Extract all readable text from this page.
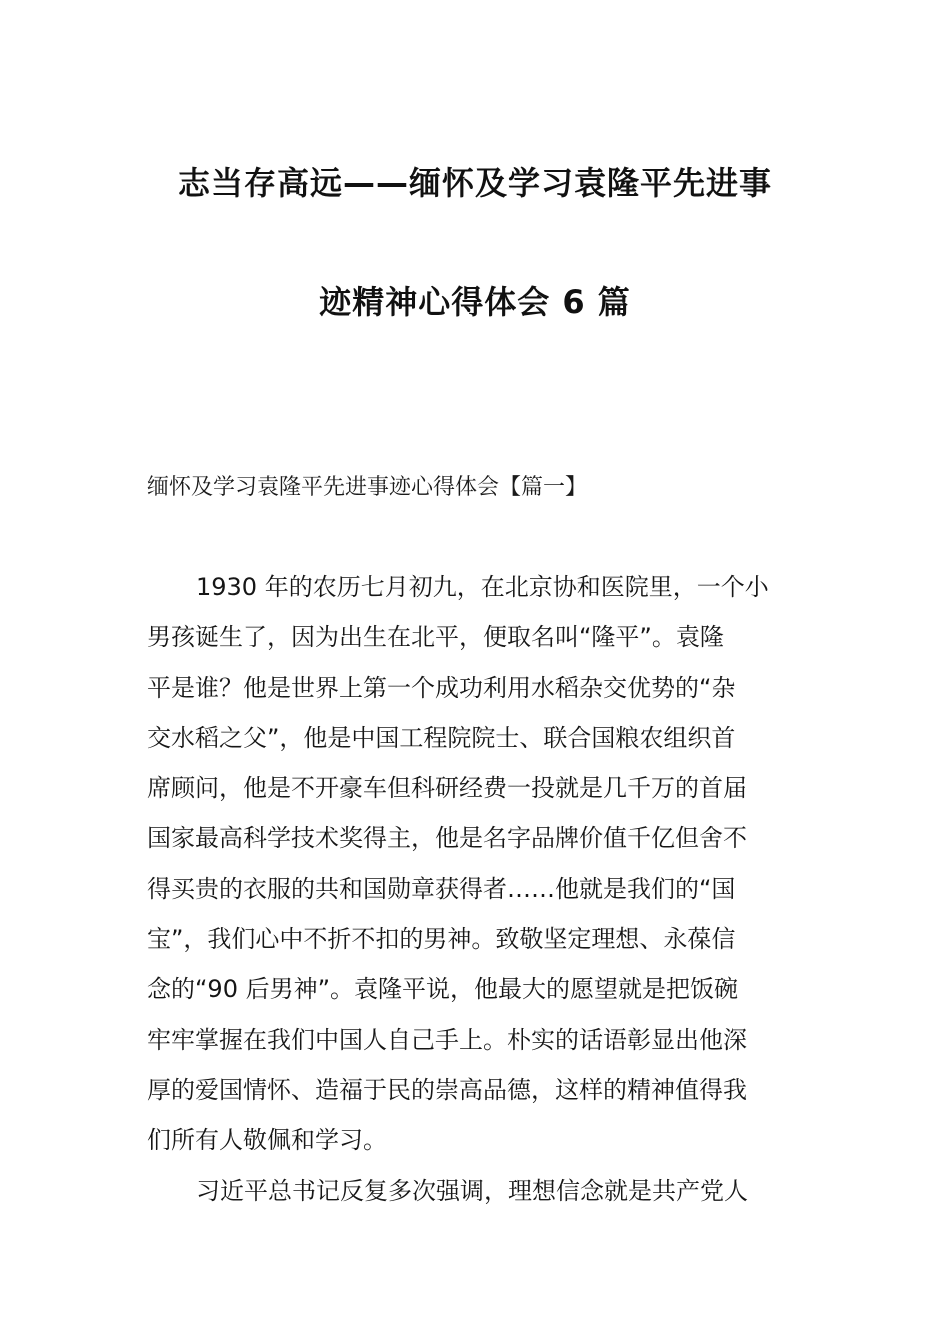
志当存高远——缅怀及学习袁隆平先进事
迹精神心得体会 6 篇
缅怀及学习袁隆平先进事迹心得体会【篇一】
1930 年的农历七月初九，在北京协和医院里，一个小
男孩诞生了，因为出生在北平，便取名叫“隆平”。袁隆
平是谁？他是世界上第一个成功利用水稻杂交优势的“杂
交水稻之父”，他是中国工程院院士、联合国粮农组织首
席顾问，他是不开豪车但科研经费一投就是几千万的首届
国家最高科学技术奖得主，他是名字品牌价值千亿但舍不
得买贵的衣服的共和国勋章获得者……他就是我们的“国
宝”，我们心中不折不扣的男神。致敬坚定理想、永葆信
念的“90 后男神”。袁隆平说，他最大的愿望就是把饭碗
牢牢掌握在我们中国人自己手上。朴实的话语彰显出他深
厚的爱国情怀、造福于民的崇高品德，这样的精神值得我
们所有人敬佩和学习。
习近平总书记反复多次强调，理想信念就是共产党人
